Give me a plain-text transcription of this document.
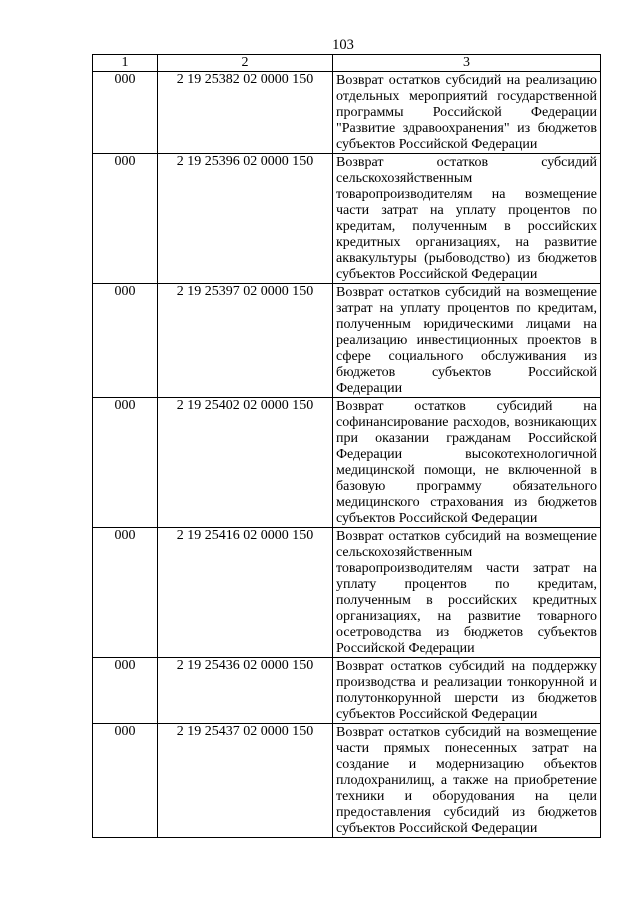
103
1	2	3
000	2 19 25382 02 0000 150	Возврат остатков субсидий на реализацию отдельных мероприятий государственной программы Российской Федерации "Развитие здравоохранения" из бюджетов субъектов Российской Федерации

000	2 19 25396 02 0000 150	Возврат остатков субсидий сельскохозяйственным товаропроизводителям на возмещение части затрат на уплату процентов по кредитам, полученным в российских кредитных организациях, на развитие аквакультуры (рыбоводство) из бюджетов субъектов Российской Федерации

000	2 19 25397 02 0000 150	Возврат остатков субсидий на возмещение затрат на уплату процентов по кредитам, полученным юридическими лицами на реализацию инвестиционных проектов в сфере социального обслуживания из бюджетов субъектов Российской Федерации

000	2 19 25402 02 0000 150	Возврат остатков субсидий на софинансирование расходов, возникающих при оказании гражданам Российской Федерации высокотехнологичной медицинской помощи, не включенной в базовую программу обязательного медицинского страхования из бюджетов субъектов Российской Федерации

000	2 19 25416 02 0000 150	Возврат остатков субсидий на возмещение сельскохозяйственным товаропроизводителям части затрат на уплату процентов по кредитам, полученным в российских кредитных организациях, на развитие товарного осетроводства из бюджетов субъектов Российской Федерации

000	2 19 25436 02 0000 150	Возврат остатков субсидий на поддержку производства и реализации тонкорунной и полутонкорунной шерсти из бюджетов субъектов Российской Федерации

000	2 19 25437 02 0000 150	Возврат остатков субсидий на возмещение части прямых понесенных затрат на создание и модернизацию объектов плодохранилищ, а также на приобретение техники и оборудования на цели предоставления субсидий из бюджетов субъектов Российской Федерации
